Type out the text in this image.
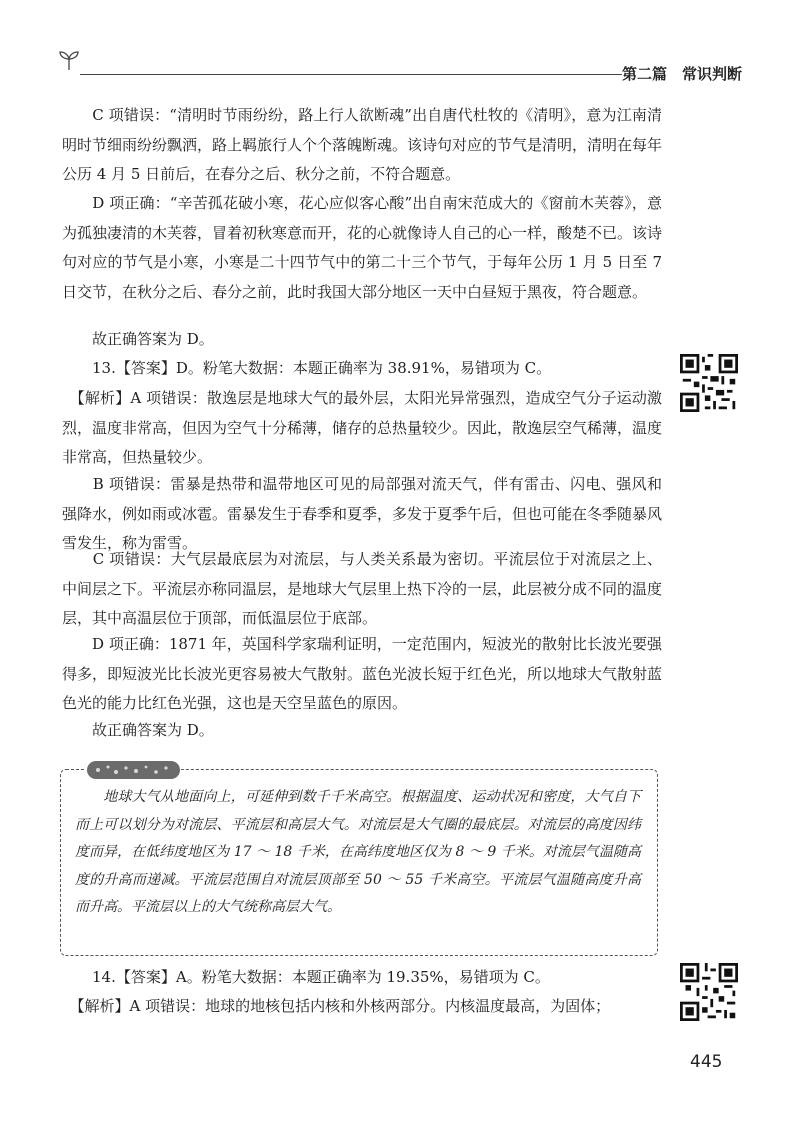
第二篇　常识判断

　　C 项错误：“清明时节雨纷纷，路上行人欲断魂”出自唐代杜牧的《清明》，意为江南清明时节细雨纷纷飘洒，路上羁旅行人个个落魄断魂。该诗句对应的节气是清明，清明在每年公历 4 月 5 日前后，在春分之后、秋分之前，不符合题意。

　　D 项正确：“辛苦孤花破小寒，花心应似客心酸”出自南宋范成大的《窗前木芙蓉》，意为孤独凄清的木芙蓉，冒着初秋寒意而开，花的心就像诗人自己的心一样，酸楚不已。该诗句对应的节气是小寒，小寒是二十四节气中的第二十三个节气，于每年公历 1 月 5 日至 7 日交节，在秋分之后、春分之前，此时我国大部分地区一天中白昼短于黑夜，符合题意。

　　故正确答案为 D。

　　13.【答案】D。粉笔大数据：本题正确率为 38.91%，易错项为 C。

　【解析】A 项错误：散逸层是地球大气的最外层，太阳光异常强烈，造成空气分子运动激烈，温度非常高，但因为空气十分稀薄，储存的总热量较少。因此，散逸层空气稀薄，温度非常高，但热量较少。

　　B 项错误：雷暴是热带和温带地区可见的局部强对流天气，伴有雷击、闪电、强风和强降水，例如雨或冰雹。雷暴发生于春季和夏季，多发于夏季午后，但也可能在冬季随暴风雪发生，称为雷雪。

　　C 项错误：大气层最底层为对流层，与人类关系最为密切。平流层位于对流层之上、中间层之下。平流层亦称同温层，是地球大气层里上热下冷的一层，此层被分成不同的温度层，其中高温层位于顶部，而低温层位于底部。

　　D 项正确：1871 年，英国科学家瑞利证明，一定范围内，短波光的散射比长波光要强得多，即短波光比长波光更容易被大气散射。蓝色光波长短于红色光，所以地球大气散射蓝色光的能力比红色光强，这也是天空呈蓝色的原因。

　　故正确答案为 D。

　　地球大气从地面向上，可延伸到数千千米高空。根据温度、运动状况和密度，大气自下而上可以划分为对流层、平流层和高层大气。对流层是大气圈的最底层。对流层的高度因纬度而异，在低纬度地区为 17 ～ 18 千米，在高纬度地区仅为 8 ～ 9 千米。对流层气温随高度的升高而递减。平流层范围自对流层顶部至 50 ～ 55 千米高空。平流层气温随高度升高而升高。平流层以上的大气统称高层大气。

　　14.【答案】A。粉笔大数据：本题正确率为 19.35%，易错项为 C。

　【解析】A 项错误：地球的地核包括内核和外核两部分。内核温度最高，为固体；

445
